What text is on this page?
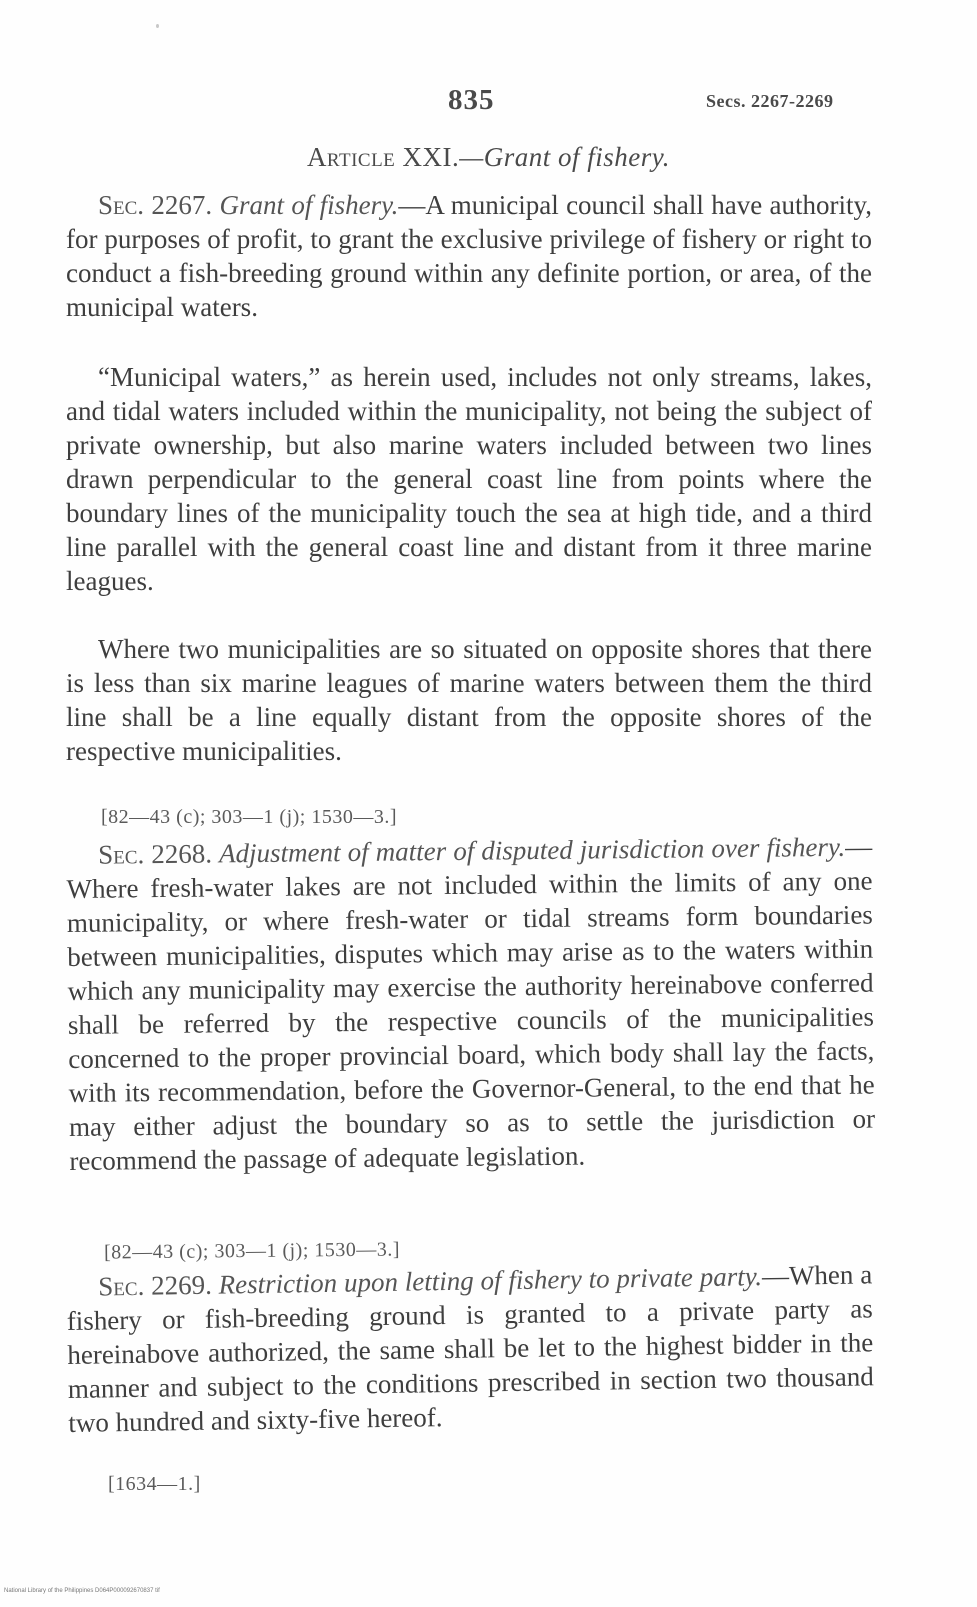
835	Secs. 2267-2269
Article XXI.—Grant of fishery.

Sec. 2267. Grant of fishery.—A municipal council shall have authority, for purposes of profit, to grant the exclusive privilege of fishery or right to conduct a fish-breeding ground within any definite portion, or area, of the municipal waters.

“Municipal waters,” as herein used, includes not only streams, lakes, and tidal waters included within the municipality, not being the subject of private ownership, but also marine waters included between two lines drawn perpendicular to the general coast line from points where the boundary lines of the municipality touch the sea at high tide, and a third line parallel with the general coast line and distant from it three marine leagues.

Where two municipalities are so situated on opposite shores that there is less than six marine leagues of marine waters between them the third line shall be a line equally distant from the opposite shores of the respective municipalities.

[82—43 (c); 303—1 (j); 1530—3.]

Sec. 2268. Adjustment of matter of disputed jurisdiction over fishery.—Where fresh-water lakes are not included within the limits of any one municipality, or where fresh-water or tidal streams form boundaries between municipalities, disputes which may arise as to the waters within which any municipality may exercise the authority hereinabove conferred shall be referred by the respective councils of the municipalities concerned to the proper provincial board, which body shall lay the facts, with its recommendation, before the Governor-General, to the end that he may either adjust the boundary so as to settle the jurisdiction or recommend the passage of adequate legislation.

[82—43 (c); 303—1 (j); 1530—3.]

Sec. 2269. Restriction upon letting of fishery to private party.—When a fishery or fish-breeding ground is granted to a private party as hereinabove authorized, the same shall be let to the highest bidder in the manner and subject to the conditions prescribed in section two thousand two hundred and sixty-five hereof.

[1634—1.]
National Library of the Philippines D064P000092670837 tif
